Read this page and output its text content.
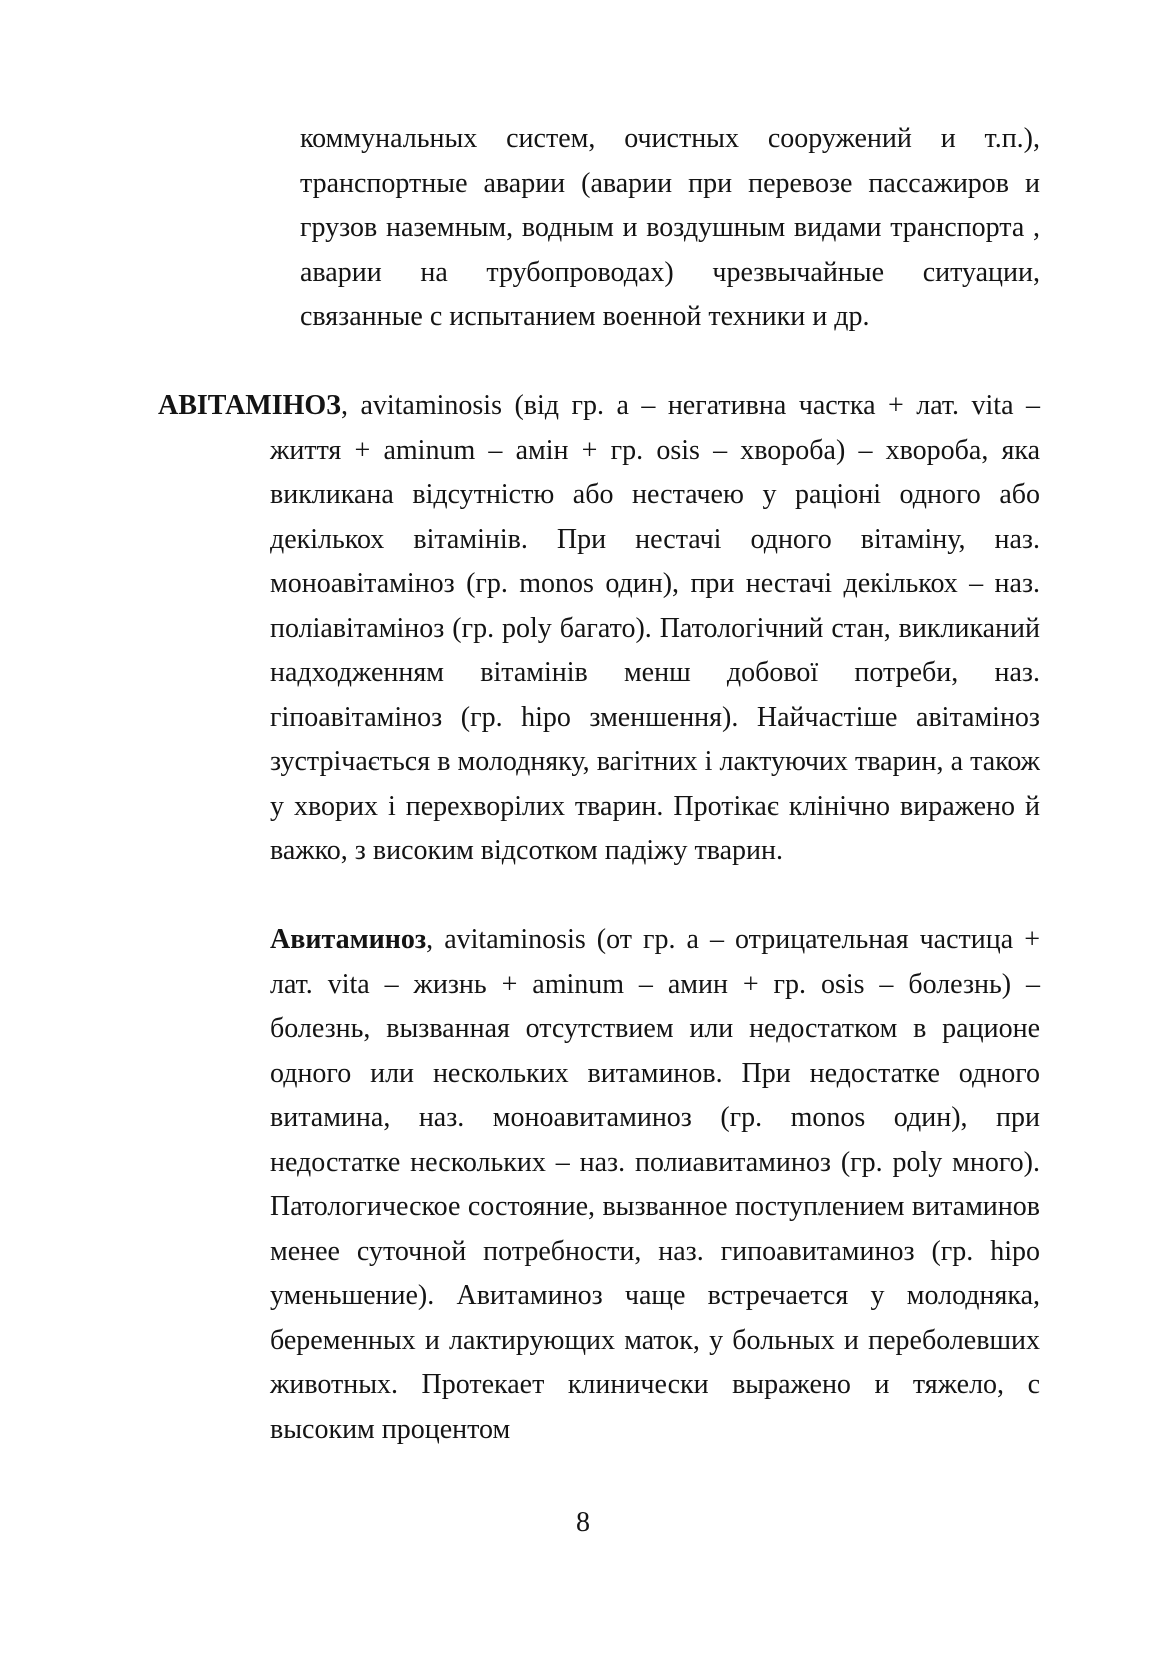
коммунальных систем, очистных сооружений и т.п.), транспортные аварии (аварии при перевозе пассажиров и грузов наземным, водным и воздушным видами транспорта , аварии на трубопроводах) чрезвычайные ситуации, связанные с испытанием военной техники и др.

АВІТАМІНОЗ, avitaminosis (від гр. а – негативна частка + лат. vita – життя + aminum – амін + гр. osis – хвороба) – хвороба, яка викликана відсутністю або нестачею у раціоні одного або декількох вітамінів. При нестачі одного вітаміну, наз. моноавітаміноз (гр. monos один), при нестачі декількох – наз. поліавітаміноз (гр. poly багато). Патологічний стан, викликаний надходженням вітамінів менш добової потреби, наз. гіпоавітаміноз (гр. hipo зменшення). Найчастіше авітаміноз зустрічається в молодняку, вагітних і лактуючих тварин, а також у хворих і перехворілих тварин. Протікає клінічно виражено й важко, з високим відсотком падіжу тварин.

Авитаминоз, avitaminosis (от гр. а – отрицательная частица + лат. vita – жизнь + aminum – амин + гр. osis – болезнь) – болезнь, вызванная отсутствием или недостатком в рационе одного или нескольких витаминов. При недостатке одного витамина, наз. моноавитаминоз (гр. monos один), при недостатке нескольких – наз. полиавитаминоз (гр. poly много). Патологическое состояние, вызванное поступлением витаминов менее суточной потребности, наз. гипоавитаминоз (гр. hipo уменьшение). Авитаминоз чаще встречается у молодняка, беременных и лактирующих маток, у больных и переболевших животных. Протекает клинически выражено и тяжело, с высоким процентом

8
